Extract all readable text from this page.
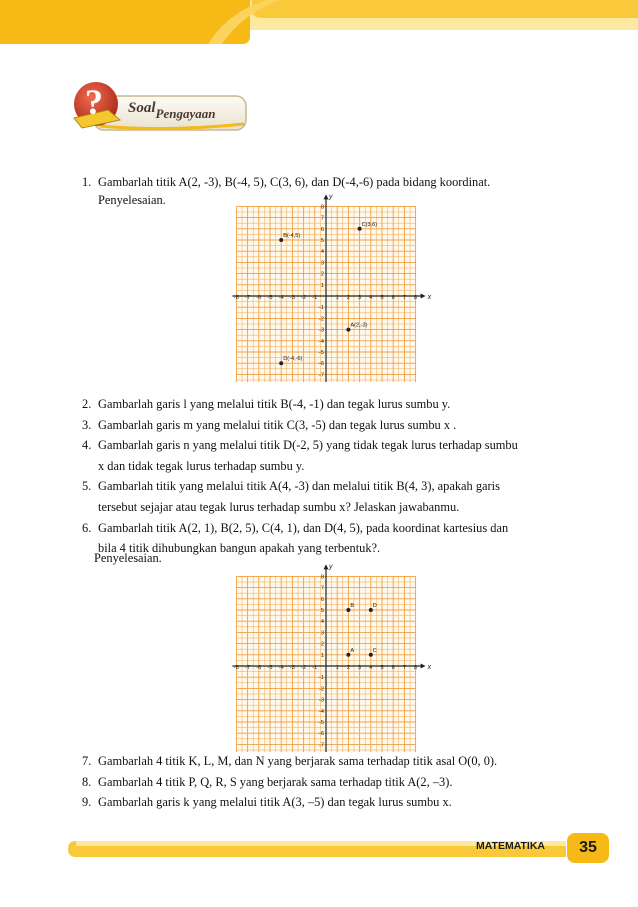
? SoalPengayaan
1. Gambarlah titik A(2, -3), B(-4, 5), C(3, 6), dan D(-4,-6) pada bidang koordinat.
Penyelesaian.
x
y
-8 -7 -6 -5 -4 -3 -2 -1	1 2 3 4 5 6 7 8
8
7
6
5
4
3
2
1
-1
-2
-3
-4
-5
-6
-7
A(2,-3)
B(-4,5)
C(3,6)
D(-4,-6)
2. Gambarlah garis l yang melalui titik B(-4, -1) dan tegak lurus sumbu y.
3. Gambarlah garis m yang melalui titik C(3, -5) dan tegak lurus sumbu x .
4. Gambarlah garis n yang melalui titik D(-2, 5) yang tidak tegak lurus terhadap sumbu
x dan tidak tegak lurus terhadap sumbu y.
5. Gambarlah titik yang melalui titik A(4, -3) dan melalui titik B(4, 3), apakah garis
tersebut sejajar atau tegak lurus terhadap sumbu x? Jelaskan jawabanmu.
6. Gambarlah titik A(2, 1), B(2, 5), C(4, 1), dan D(4, 5), pada koordinat kartesius dan
bila 4 titik dihubungkan bangun apakah yang terbentuk?.
Penyelesaian.
x
y
-8 -7 -6 -5 -4 -3 -2 -1	1 2 3 4 5 6 7 8
8
7
6
5
4
3
2
1
-1
-2
-3
-4
-5
-6
-7
A
B
C
D
7. Gambarlah 4 titik K, L, M, dan N yang berjarak sama terhadap titik asal O(0, 0).
8. Gambarlah 4 titik P, Q, R, S yang berjarak sama terhadap titik A(2, –3).
9. Gambarlah garis k yang melalui titik A(3, –5) dan tegak lurus sumbu x.
MATEMATIKA	35
